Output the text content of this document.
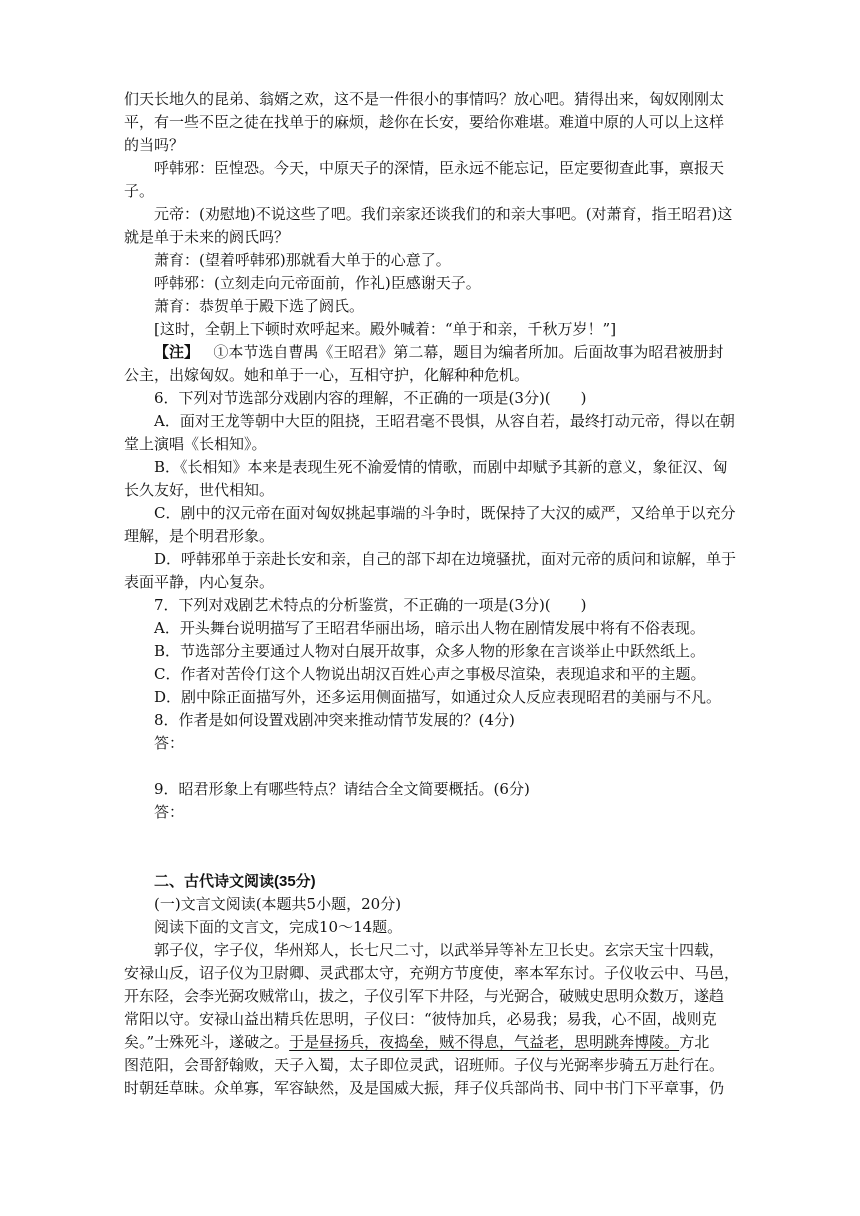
们天长地久的昆弟、翁婿之欢，这不是一件很小的事情吗？放心吧。猜得出来，匈奴刚刚太

平，有一些不臣之徒在找单于的麻烦，趁你在长安，要给你难堪。难道中原的人可以上这样

的当吗？

呼韩邪：臣惶恐。今天，中原天子的深情，臣永远不能忘记，臣定要彻查此事，禀报天

子。

元帝：(劝慰地)不说这些了吧。我们亲家还谈我们的和亲大事吧。(对萧育，指王昭君)这

就是单于未来的阏氏吗？

萧育：(望着呼韩邪)那就看大单于的心意了。

呼韩邪：(立刻走向元帝面前，作礼)臣感谢天子。

萧育：恭贺单于殿下选了阏氏。

[这时，全朝上下顿时欢呼起来。殿外喊着：“单于和亲，千秋万岁！”]

【注】 ①本节选自曹禺《王昭君》第二幕，题目为编者所加。后面故事为昭君被册封

公主，出嫁匈奴。她和单于一心，互相守护，化解种种危机。

6．下列对节选部分戏剧内容的理解，不正确的一项是(3分)(　　)

A．面对王龙等朝中大臣的阻挠，王昭君毫不畏惧，从容自若，最终打动元帝，得以在朝

堂上演唱《长相知》。

B．《长相知》本来是表现生死不渝爱情的情歌，而剧中却赋予其新的意义，象征汉、匈

长久友好，世代相知。

C．剧中的汉元帝在面对匈奴挑起事端的斗争时，既保持了大汉的威严，又给单于以充分

理解，是个明君形象。

D．呼韩邪单于亲赴长安和亲，自己的部下却在边境骚扰，面对元帝的质问和谅解，单于

表面平静，内心复杂。

7．下列对戏剧艺术特点的分析鉴赏，不正确的一项是(3分)(　　)

A．开头舞台说明描写了王昭君华丽出场，暗示出人物在剧情发展中将有不俗表现。

B．节选部分主要通过人物对白展开故事，众多人物的形象在言谈举止中跃然纸上。

C．作者对苦伶仃这个人物说出胡汉百姓心声之事极尽渲染，表现追求和平的主题。

D．剧中除正面描写外，还多运用侧面描写，如通过众人反应表现昭君的美丽与不凡。

8．作者是如何设置戏剧冲突来推动情节发展的？(4分)

答：

9．昭君形象上有哪些特点？请结合全文简要概括。(6分)

答：

二、古代诗文阅读(35分)

(一)文言文阅读(本题共5小题，20分)

阅读下面的文言文，完成10～14题。

郭子仪，字子仪，华州郑人，长七尺二寸，以武举异等补左卫长史。玄宗天宝十四载，

安禄山反，诏子仪为卫尉卿、灵武郡太守，充朔方节度使，率本军东讨。子仪收云中、马邑，

开东陉，会李光弼攻贼常山，拔之，子仪引军下井陉，与光弼合，破贼史思明众数万，遂趋

常阳以守。安禄山益出精兵佐思明，子仪曰：“彼恃加兵，必易我；易我，心不固，战则克

矣。”士殊死斗，遂破之。于是昼扬兵，夜捣垒，贼不得息，气益老，思明跳奔博陵。方北

图范阳，会哥舒翰败，天子入蜀，太子即位灵武，诏班师。子仪与光弼率步骑五万赴行在。

时朝廷草昧。众单寡，军容缺然，及是国威大振，拜子仪兵部尚书、同中书门下平章事，仍
